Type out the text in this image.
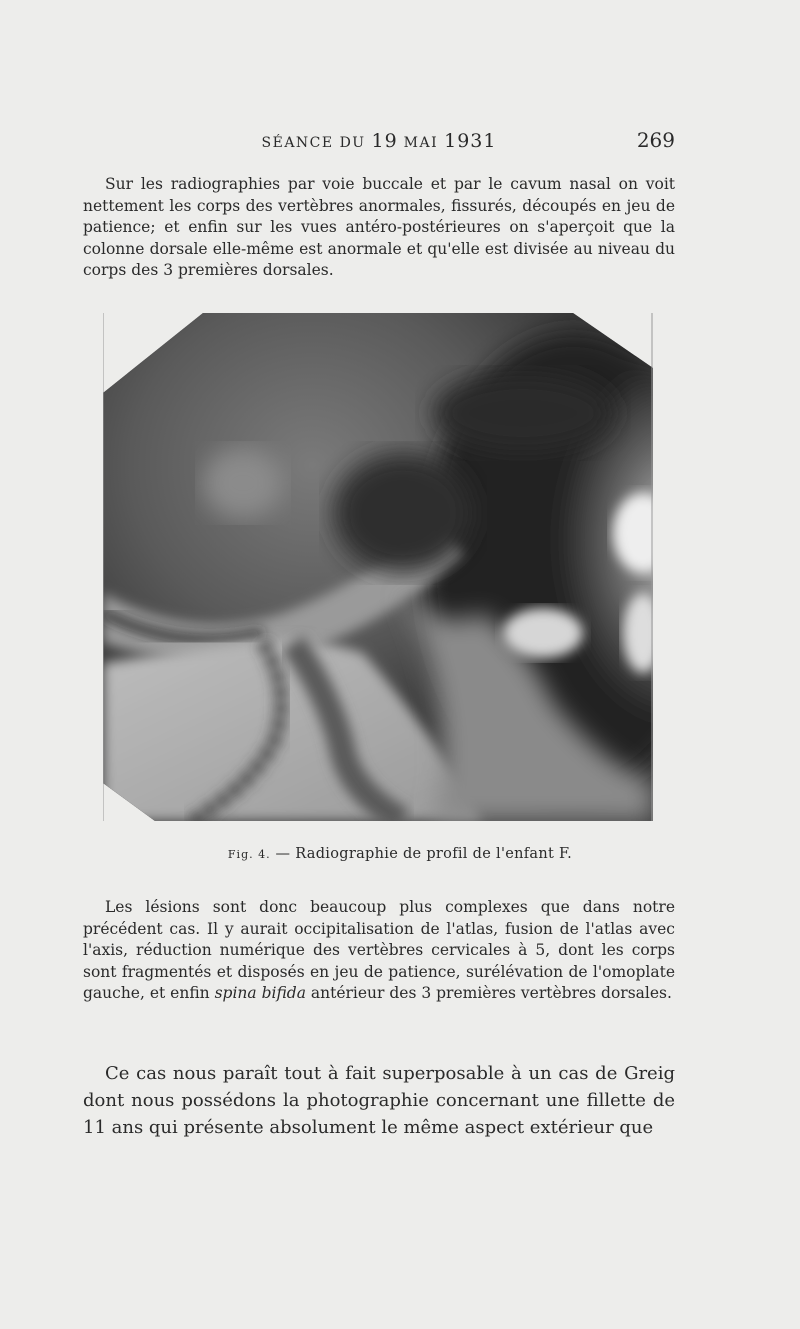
SÉANCE DU 19 MAI 1931	269

Sur les radiographies par voie buccale et par le cavum nasal on voit nettement les corps des vertèbres anormales, fissurés, découpés en jeu de patience; et enfin sur les vues antéro-postérieures on s'aperçoit que la colonne dorsale elle-même est anormale et qu'elle est divisée au niveau du corps des 3 premières dorsales.

Fig. 4. — Radiographie de profil de l'enfant F.

Les lésions sont donc beaucoup plus complexes que dans notre précédent cas. Il y aurait occipitalisation de l'atlas, fusion de l'atlas avec l'axis, réduction numérique des vertèbres cervicales à 5, dont les corps sont fragmentés et disposés en jeu de patience, surélévation de l'omoplate gauche, et enfin spina bifida antérieur des 3 premières vertèbres dorsales.

Ce cas nous paraît tout à fait superposable à un cas de Greig dont nous possédons la photographie concernant une fillette de 11 ans qui présente absolument le même aspect extérieur que
